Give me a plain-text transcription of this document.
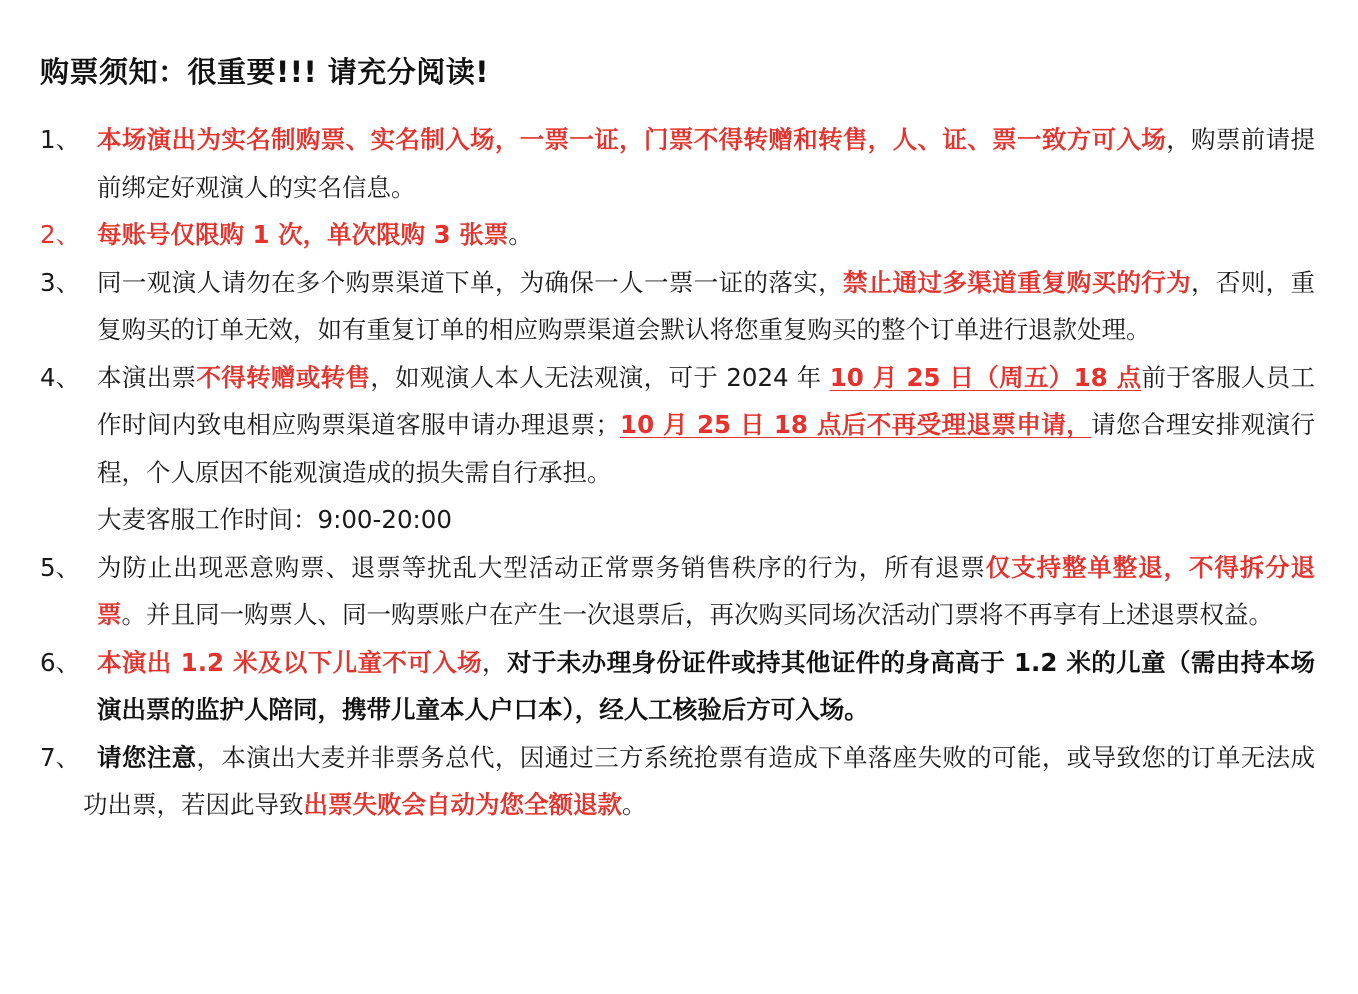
购票须知：很重要!!! 请充分阅读!
1、 本场演出为实名制购票、实名制入场，一票一证，门票不得转赠和转售，人、证、票一致方可入场，购票前请提前绑定好观演人的实名信息。
2、 每账号仅限购 1 次，单次限购 3 张票。
3、 同一观演人请勿在多个购票渠道下单，为确保一人一票一证的落实，禁止通过多渠道重复购买的行为，否则，重复购买的订单无效，如有重复订单的相应购票渠道会默认将您重复购买的整个订单进行退款处理。
4、 本演出票不得转赠或转售，如观演人本人无法观演，可于 2024 年 10 月 25 日（周五）18 点前于客服人员工作时间内致电相应购票渠道客服申请办理退票；10 月 25 日 18 点后不再受理退票申请，请您合理安排观演行程，个人原因不能观演造成的损失需自行承担。
大麦客服工作时间：9:00-20:00
5、 为防止出现恶意购票、退票等扰乱大型活动正常票务销售秩序的行为，所有退票仅支持整单整退，不得拆分退票。并且同一购票人、同一购票账户在产生一次退票后，再次购买同场次活动门票将不再享有上述退票权益。
6、 本演出 1.2 米及以下儿童不可入场，对于未办理身份证件或持其他证件的身高高于 1.2 米的儿童（需由持本场演出票的监护人陪同，携带儿童本人户口本），经人工核验后方可入场。
7、 请您注意，本演出大麦并非票务总代，因通过三方系统抢票有造成下单落座失败的可能，或导致您的订单无法成功出票，若因此导致出票失败会自动为您全额退款。
